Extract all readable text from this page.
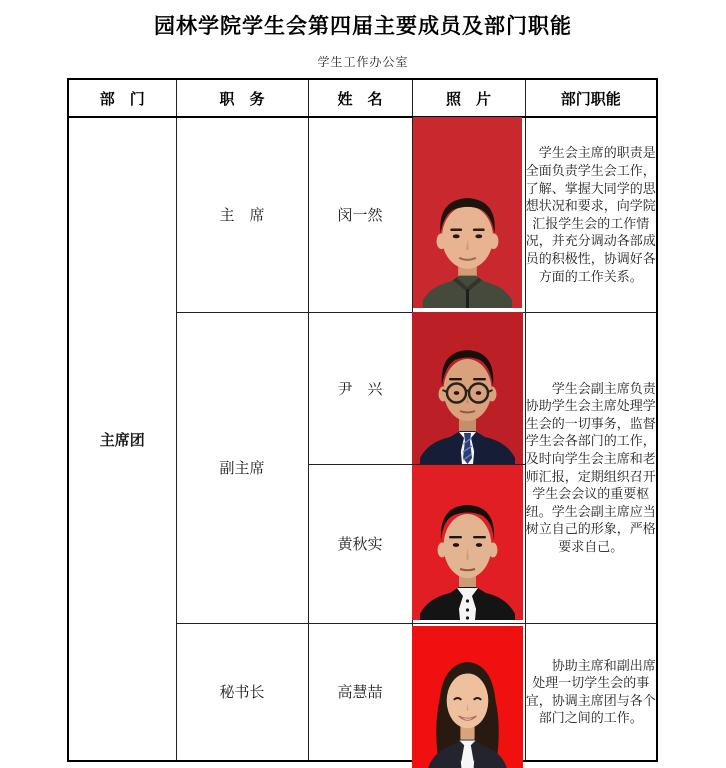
园林学院学生会第四届主要成员及部门职能
学生工作办公室
部　门	职　务	姓　名	照　片	部门职能
主席团	主　席	闵一然		学生会主席的职责是全面负责学生会工作，了解、掌握大同学的思想状况和要求，向学院汇报学生会的工作情况，并充分调动各部成员的积极性，协调好各方面的工作关系。
	副主席	尹　兴		学生会副主席负责协助学生会主席处理学生会的一切事务，监督学生会各部门的工作，及时向学生会主席和老师汇报，定期组织召开学生会会议的重要枢纽。学生会副主席应当树立自己的形象，严格要求自己。
		黄秋实		
	秘书长	高慧喆		协助主席和副出席处理一切学生会的事宜，协调主席团与各个部门之间的工作。
